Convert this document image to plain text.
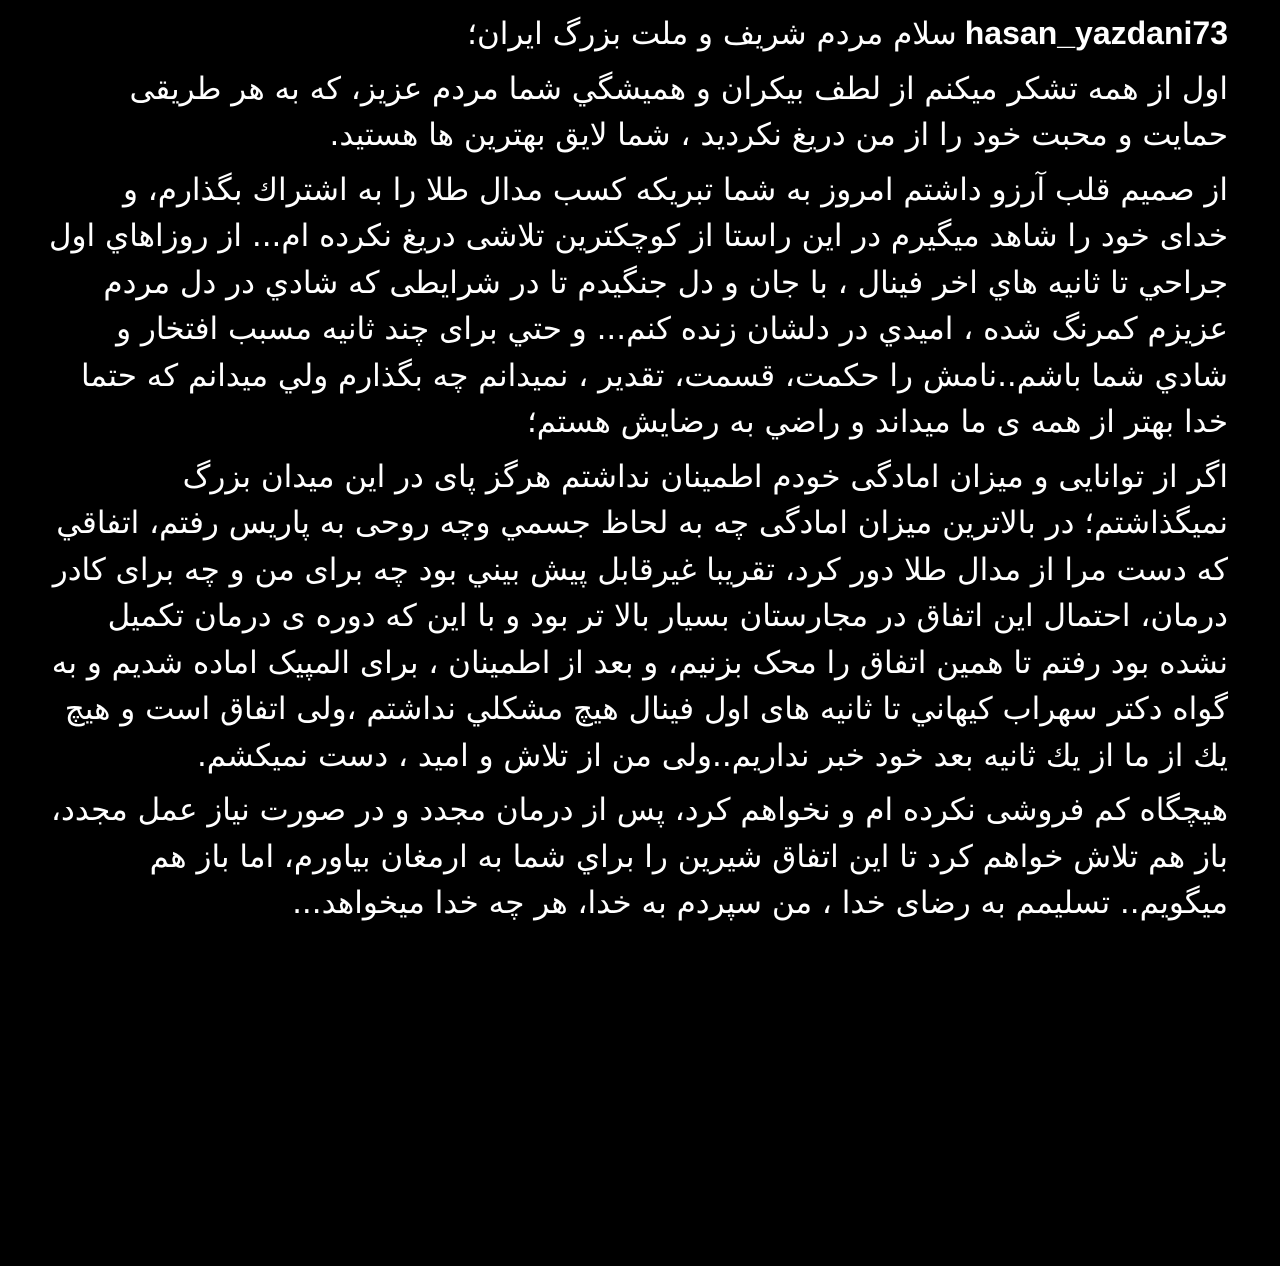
hasan_yazdani73سلام مردم شریف و ملت بزرگ ایران؛

اول از همه تشکر میکنم از لطف بیکران و همیشگي شما مردم عزیز، که به هر طریقی حمایت و محبت خود را از من دریغ نکردید ، شما لایق بهترین ها هستید.

از صمیم قلب آرزو داشتم امروز به شما تبریکه کسب مدال طلا را به اشتراك بگذارم، و خدای خود را شاهد میگیرم در این راستا از کوچکترین تلاشی دریغ نکرده ام... از روزاهاي اول جراحي تا ثانیه هاي اخر فینال ، با جان و دل جنگیدم تا در شرایطی که شادي در دل مردم عزیزم کمرنگ شده ، امیدي در دلشان زنده کنم... و حتي برای چند ثانیه مسبب افتخار و شادي شما باشم..نامش را حکمت، قسمت، تقدیر ، نمیدانم چه بگذارم ولي میدانم که حتما خدا بهتر از همه ی ما میداند و راضي به رضایش هستم؛

اگر از توانایی و میزان امادگی خودم اطمینان نداشتم هرگز پای در این میدان بزرگ نمیگذاشتم؛ در بالاترین میزان امادگی چه به لحاظ جسمي وچه روحی به پاریس رفتم، اتفاقي که دست مرا از مدال طلا دور کرد، تقریبا غیرقابل پیش بیني بود چه برای من و چه برای کادر درمان، احتمال این اتفاق در مجارستان بسیار بالا تر بود و با این که دوره ی درمان تکمیل نشده بود رفتم تا همین اتفاق را محک بزنیم، و بعد از اطمینان ، برای المپیک اماده شدیم و به گواه دکتر سهراب کیهاني تا ثانیه های اول فینال هیچ مشکلي نداشتم ،ولی اتفاق است و هیچ یك از ما از یك ثانیه بعد خود خبر نداریم..ولی من از تلاش و امید ، دست نمیکشم.

هیچگاه کم فروشی نکرده ام و نخواهم کرد، پس از درمان مجدد و در صورت نیاز عمل مجدد، باز هم تلاش خواهم کرد تا این اتفاق شیرین را براي شما به ارمغان بیاورم، اما باز هم میگویم.. تسلیمم به رضای خدا ، من سپردم به خدا، هر چه خدا میخواهد...
